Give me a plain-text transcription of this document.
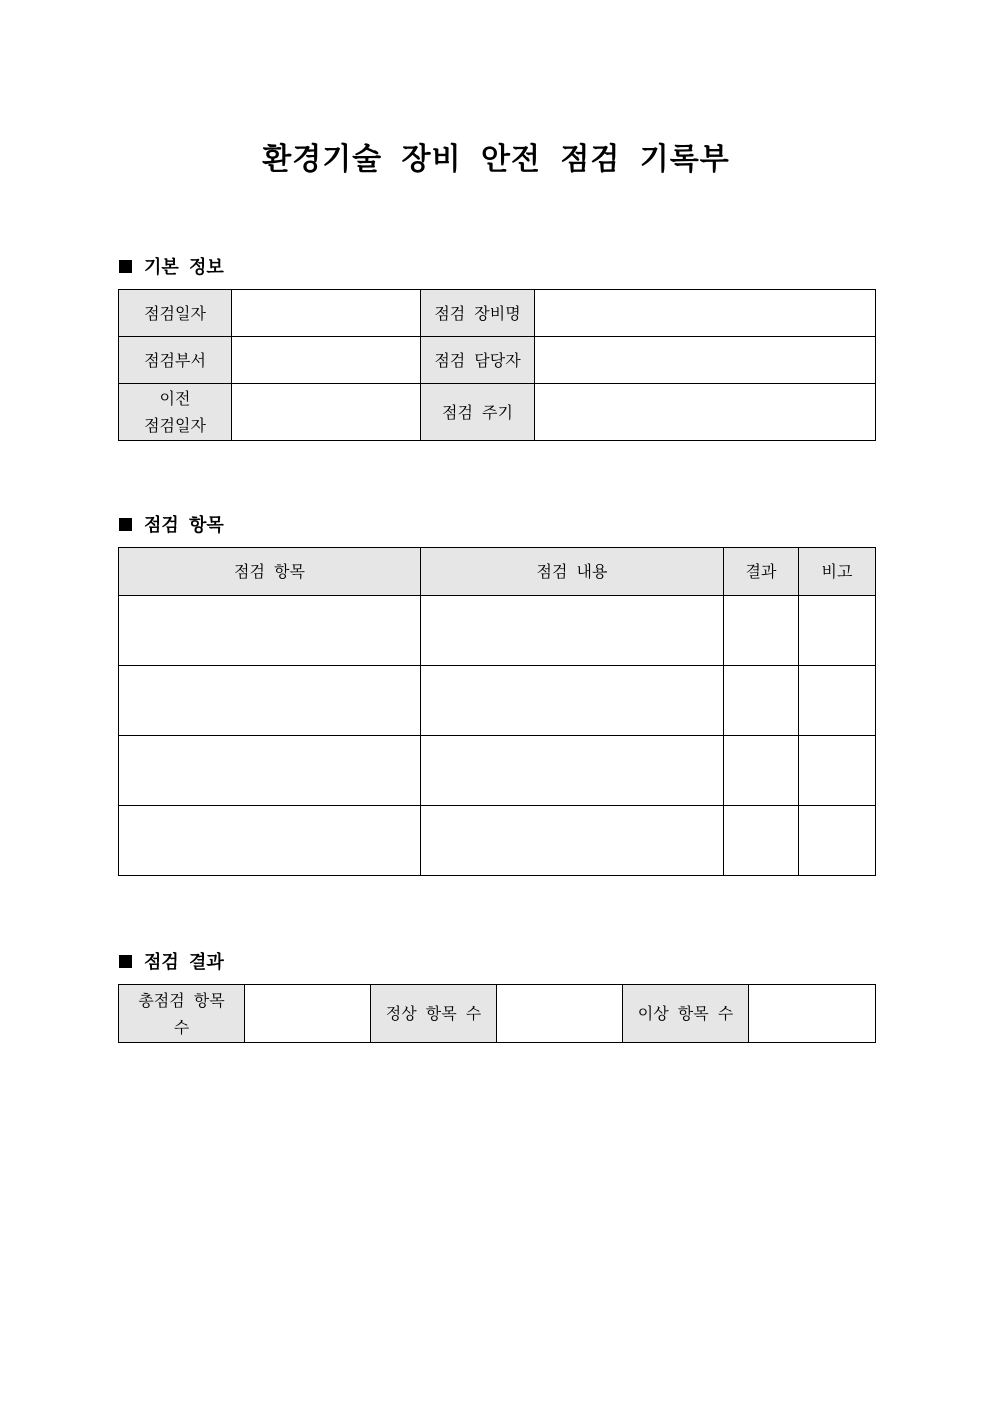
환경기술 장비 안전 점검 기록부
기본 정보
점검일자		점검 장비명	
점검부서		점검 담당자	

이전
점검일자		점검 주기	
점검 항목
점검 항목	점검 내용	결과	비고

점검 결과
총점검 항목
수
		정상 항목 수		이상 항목 수	
